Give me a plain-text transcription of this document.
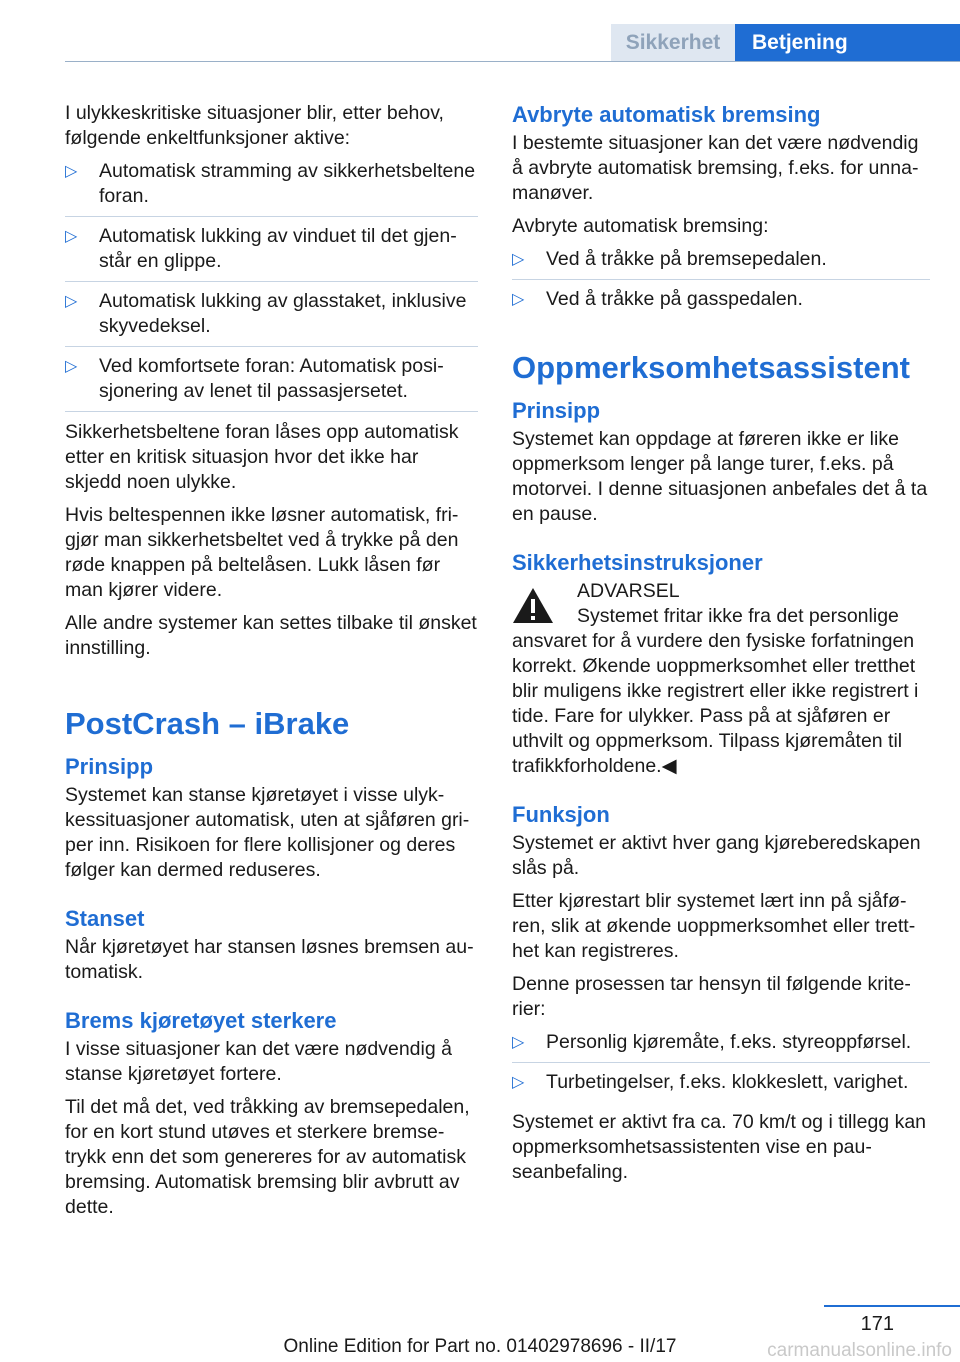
Sikkerhet	Betjening

I ulykkeskritiske situasjoner blir, etter behov, følgende enkeltfunksjoner aktive:

▷ Automatisk stramming av sikkerhetsbeltene foran.
▷ Automatisk lukking av vinduet til det gjenstår en glippe.
▷ Automatisk lukking av glasstaket, inklusive skyvedeksel.
▷ Ved komfortsete foran: Automatisk posisjonering av lenet til passasjersetet.

Sikkerhetsbeltene foran låses opp automatisk etter en kritisk situasjon hvor det ikke har skjedd noen ulykke.

Hvis beltespennen ikke løsner automatisk, frigjør man sikkerhetsbeltet ved å trykke på den røde knappen på beltelåsen. Lukk låsen før man kjører videre.

Alle andre systemer kan settes tilbake til ønsket innstilling.

PostCrash – iBrake
Prinsipp

Systemet kan stanse kjøretøyet i visse ulykkessituasjoner automatisk, uten at sjåføren griper inn. Risikoen for flere kollisjoner og deres følger kan dermed reduseres.

Stanset

Når kjøretøyet har stansen løsnes bremsen automatisk.

Brems kjøretøyet sterkere

I visse situasjoner kan det være nødvendig å stanse kjøretøyet fortere.

Til det må det, ved tråkking av bremsepedalen, for en kort stund utøves et sterkere bremsetrykk enn det som genereres for av automatisk bremsing. Automatisk bremsing blir avbrutt av dette.

Avbryte automatisk bremsing

I bestemte situasjoner kan det være nødvendig å avbryte automatisk bremsing, f.eks. for unnamanøver.

Avbryte automatisk bremsing:

▷ Ved å tråkke på bremsepedalen.
▷ Ved å tråkke på gasspedalen.
Oppmerksomhetsassistent
Prinsipp

Systemet kan oppdage at føreren ikke er like oppmerksom lenger på lange turer, f.eks. på motorvei. I denne situasjonen anbefales det å ta en pause.

Sikkerhetsinstruksjoner
ADVARSEL
Systemet fritar ikke fra det personlige ansvaret for å vurdere den fysiske forfatningen korrekt. Økende uoppmerksomhet eller tretthet blir muligens ikke registrert eller ikke registrert i tide. Fare for ulykker. Pass på at sjåføren er uthvilt og oppmerksom. Tilpass kjøremåten til trafikkforholdene.◀
Funksjon

Systemet er aktivt hver gang kjøreberedskapen slås på.

Etter kjørestart blir systemet lært inn på sjåføren, slik at økende uoppmerksomhet eller tretthet kan registreres.

Denne prosessen tar hensyn til følgende kriterier:

▷ Personlig kjøremåte, f.eks. styreoppførsel.
▷ Turbetingelser, f.eks. klokkeslett, varighet.

Systemet er aktivt fra ca. 70 km/t og i tillegg kan oppmerksomhetsassistenten vise en pauseanbefaling.

171
Online Edition for Part no. 01402978696 - II/17	carmanualsonline.info
